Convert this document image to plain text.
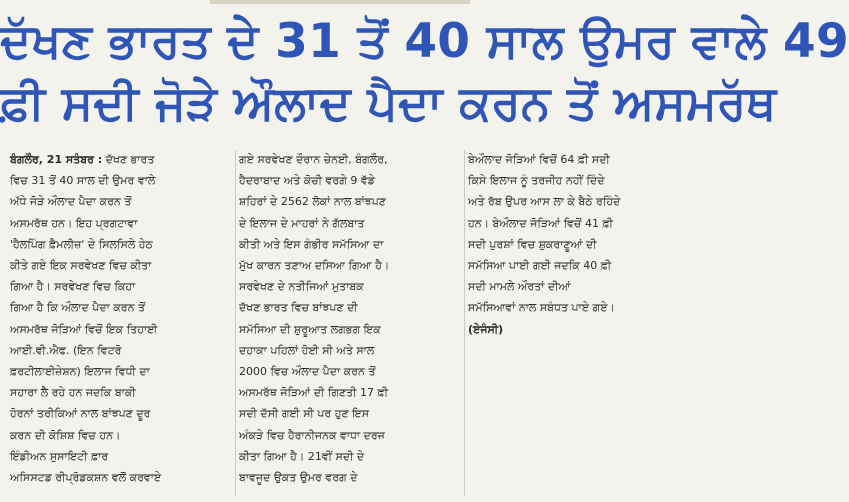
ਦੱਖਣ ਭਾਰਤ ਦੇ 31 ਤੋਂ 40 ਸਾਲ ਉਮਰ ਵਾਲੇ 49
ਫ਼ੀ ਸਦੀ ਜੋੜੇ ਔਲਾਦ ਪੈਦਾ ਕਰਨ ਤੋਂ ਅਸਮਰੱਥ
ਬੰਗਲੌਰ, 21 ਸਤੰਬਰ : ਦੱਖਣ ਭਾਰਤ
ਵਿਚ 31 ਤੋਂ 40 ਸਾਲ ਦੀ ਉਮਰ ਵਾਲੇ
ਅੱਧੇ ਜੋੜੇ ਔਲਾਦ ਪੈਦਾ ਕਰਨ ਤੋਂ
ਅਸਮਰੱਥ ਹਨ। ਇਹ ਪ੍ਰਗਟਾਵਾ
'ਹੈਲਪਿੰਗ ਫ਼ੈਮਲੀਜ਼' ਦੇ ਸਿਲਸਿਲੇ ਹੇਠ
ਕੀਤੇ ਗਏ ਇਕ ਸਰਵੇਖਣ ਵਿਚ ਕੀਤਾ
ਗਿਆ ਹੈ। ਸਰਵੇਖਣ ਵਿਚ ਕਿਹਾ
ਗਿਆ ਹੈ ਕਿ ਔਲਾਦ ਪੈਦਾ ਕਰਨ ਤੋਂ
ਅਸਮਰੱਥ ਜੋੜਿਆਂ ਵਿਚੋਂ ਇਕ ਤਿਹਾਈ
ਆਈ.ਵੀ.ਐਫ. (ਇਨ ਵਿਟਰੋ
ਫ਼ਰਟੀਲਾਈਜ਼ੇਸ਼ਨ) ਇਲਾਜ ਵਿਧੀ ਦਾ
ਸਹਾਰਾ ਲੈ ਰਹੇ ਹਨ ਜਦਕਿ ਬਾਕੀ
ਹੋਰਨਾਂ ਤਰੀਕਿਆਂ ਨਾਲ ਬਾਂਝਪਣ ਦੂਰ
ਕਰਨ ਦੀ ਕੋਸ਼ਿਸ਼ ਵਿਚ ਹਨ।
ਇੰਡੀਅਨ ਸੁਸਾਇਟੀ ਫ਼ਾਰ
ਅਸਿਸਟਡ ਰੀਪ੍ਰੋਡਕਸ਼ਨ ਵਲੋਂ ਕਰਵਾਏ
ਗਏ ਸਰਵੇਖਣ ਦੌਰਾਨ ਚੇਨਈ, ਬੰਗਲੌਰ,
ਹੈਦਰਾਬਾਦ ਅਤੇ ਕੋਚੀ ਵਰਗੇ 9 ਵੱਡੇ
ਸ਼ਹਿਰਾਂ ਦੇ 2562 ਲੋਕਾਂ ਨਾਲ ਬਾਂਝਪਣ
ਦੇ ਇਲਾਜ ਦੇ ਮਾਹਰਾਂ ਨੇ ਗੱਲਬਾਤ
ਕੀਤੀ ਅਤੇ ਇਸ ਗੰਭੀਰ ਸਮੱਸਿਆ ਦਾ
ਮੁੱਖ ਕਾਰਨ ਤਣਾਅ ਦਸਿਆ ਗਿਆ ਹੈ।
ਸਰਵੇਖਣ ਦੇ ਨਤੀਜਿਆਂ ਮੁਤਾਬਕ
ਦੱਖਣ ਭਾਰਤ ਵਿਚ ਬਾਂਝਪਣ ਦੀ
ਸਮੱਸਿਆ ਦੀ ਸ਼ੁਰੂਆਤ ਲਗਭਗ ਇਕ
ਦਹਾਕਾ ਪਹਿਲਾਂ ਹੋਈ ਸੀ ਅਤੇ ਸਾਲ
2000 ਵਿਚ ਔਲਾਦ ਪੈਦਾ ਕਰਨ ਤੋਂ
ਅਸਮਰੱਥ ਜੋੜਿਆਂ ਦੀ ਗਿਣਤੀ 17 ਫ਼ੀ
ਸਦੀ ਦੱਸੀ ਗਈ ਸੀ ਪਰ ਹੁਣ ਇਸ
ਅੰਕੜੇ ਵਿਚ ਹੈਰਾਨੀਜਨਕ ਵਾਧਾ ਦਰਜ
ਕੀਤਾ ਗਿਆ ਹੈ। 21ਵੀਂ ਸਦੀ ਦੇ
ਬਾਵਜੂਦ ਉਕਤ ਉਮਰ ਵਰਗ ਦੇ
ਬੇਔਲਾਦ ਜੋੜਿਆਂ ਵਿਚੋਂ 64 ਫ਼ੀ ਸਦੀ
ਕਿਸੇ ਇਲਾਜ ਨੂੰ ਤਰਜੀਹ ਨਹੀਂ ਦਿੰਦੇ
ਅਤੇ ਰੱਬ ਉਪਰ ਆਸ ਲਾ ਕੇ ਬੈਠੇ ਰਹਿੰਦੇ
ਹਨ। ਬੇਔਲਾਦ ਜੋੜਿਆਂ ਵਿਚੋਂ 41 ਫ਼ੀ
ਸਦੀ ਪੁਰਸ਼ਾਂ ਵਿਚ ਸ਼ੁਕਰਾਣੂਆਂ ਦੀ
ਸਮੱਸਿਆ ਪਾਈ ਗਈ ਜਦਕਿ 40 ਫ਼ੀ
ਸਦੀ ਮਾਮਲੇ ਔਰਤਾਂ ਦੀਆਂ
ਸਮੱਸਿਆਵਾਂ ਨਾਲ ਸਬੰਧਤ ਪਾਏ ਗਏ।
(ਏਜੰਸੀ)
